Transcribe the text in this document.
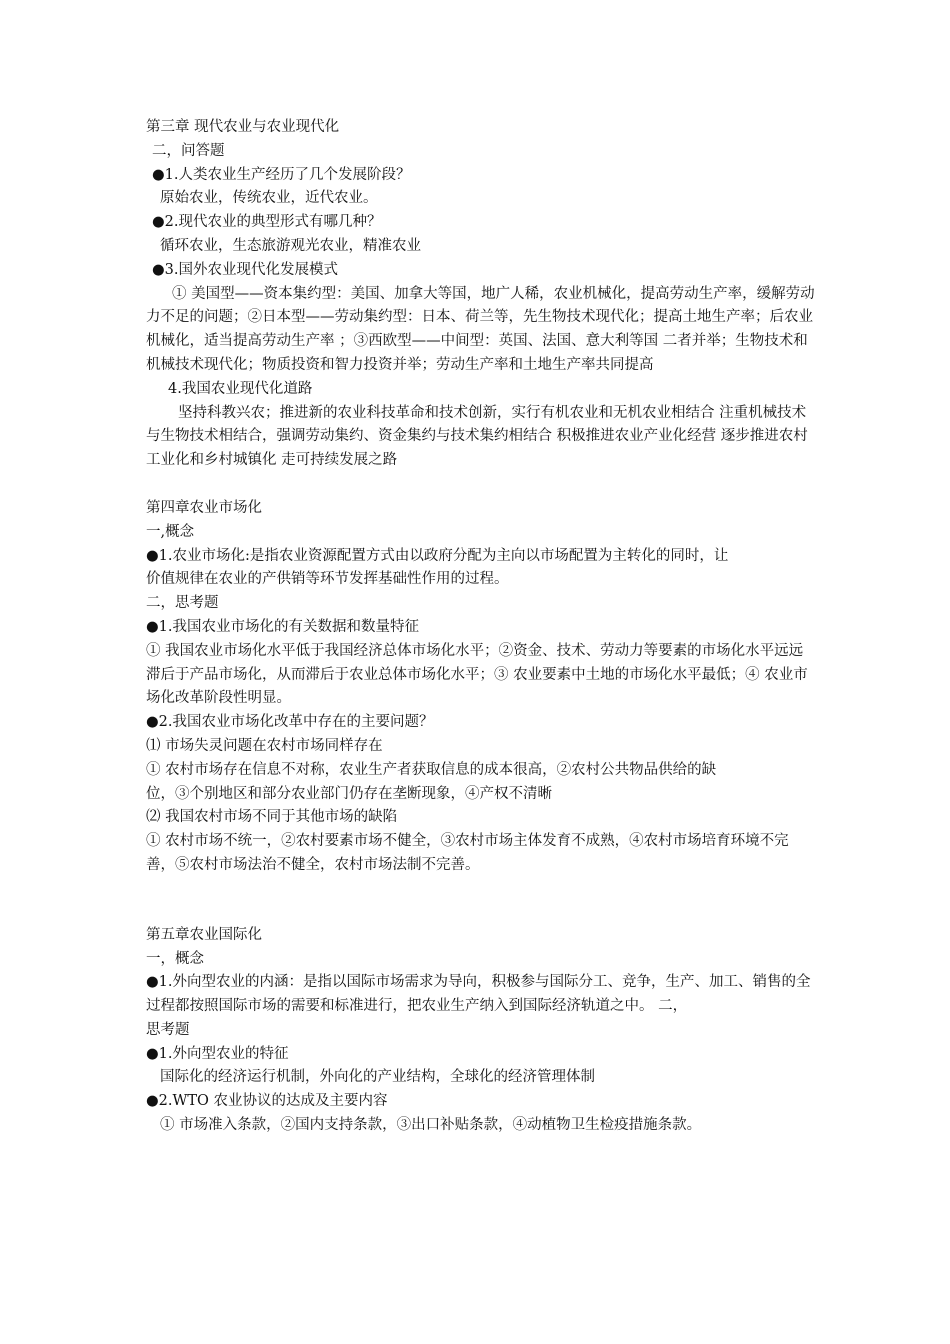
第三章 现代农业与农业现代化
二，问答题
●1.人类农业生产经历了几个发展阶段？
原始农业，传统农业，近代农业。
●2.现代农业的典型形式有哪几种？
循环农业，生态旅游观光农业，精准农业
●3.国外农业现代化发展模式
① 美国型——资本集约型：美国、加拿大等国，地广人稀，农业机械化，提高劳动生产率，缓解劳动力不足的问题；②日本型——劳动集约型：日本、荷兰等，先生物技术现代化；提高土地生产率；后农业机械化，适当提高劳动生产率 ；③西欧型——中间型：英国、法国、意大利等国 二者并举；生物技术和机械技术现代化；物质投资和智力投资并举；劳动生产率和土地生产率共同提高
4.我国农业现代化道路
坚持科教兴农；推进新的农业科技革命和技术创新，实行有机农业和无机农业相结合 注重机械技术与生物技术相结合，强调劳动集约、资金集约与技术集约相结合 积极推进农业产业化经营 逐步推进农村工业化和乡村城镇化 走可持续发展之路
第四章农业市场化
一,概念
●1.农业市场化:是指农业资源配置方式由以政府分配为主向以市场配置为主转化的同时，让
价值规律在农业的产供销等环节发挥基础性作用的过程。
二，思考题
●1.我国农业市场化的有关数据和数量特征
① 我国农业市场化水平低于我国经济总体市场化水平；②资金、技术、劳动力等要素的市场化水平远远滞后于产品市场化，从而滞后于农业总体市场化水平；③ 农业要素中土地的市场化水平最低；④ 农业市场化改革阶段性明显。
●2.我国农业市场化改革中存在的主要问题？
⑴ 市场失灵问题在农村市场同样存在
① 农村市场存在信息不对称，农业生产者获取信息的成本很高，②农村公共物品供给的缺
位，③个别地区和部分农业部门仍存在垄断现象，④产权不清晰
⑵ 我国农村市场不同于其他市场的缺陷
① 农村市场不统一，②农村要素市场不健全，③农村市场主体发育不成熟，④农村市场培育环境不完善，⑤农村市场法治不健全，农村市场法制不完善。
第五章农业国际化
一，概念
●1.外向型农业的内涵：是指以国际市场需求为导向，积极参与国际分工、竞争，生产、加工、销售的全过程都按照国际市场的需要和标准进行，把农业生产纳入到国际经济轨道之中。 二，
思考题
●1.外向型农业的特征
国际化的经济运行机制，外向化的产业结构，全球化的经济管理体制
●2.WTO 农业协议的达成及主要内容
① 市场准入条款，②国内支持条款，③出口补贴条款，④动植物卫生检疫措施条款。
